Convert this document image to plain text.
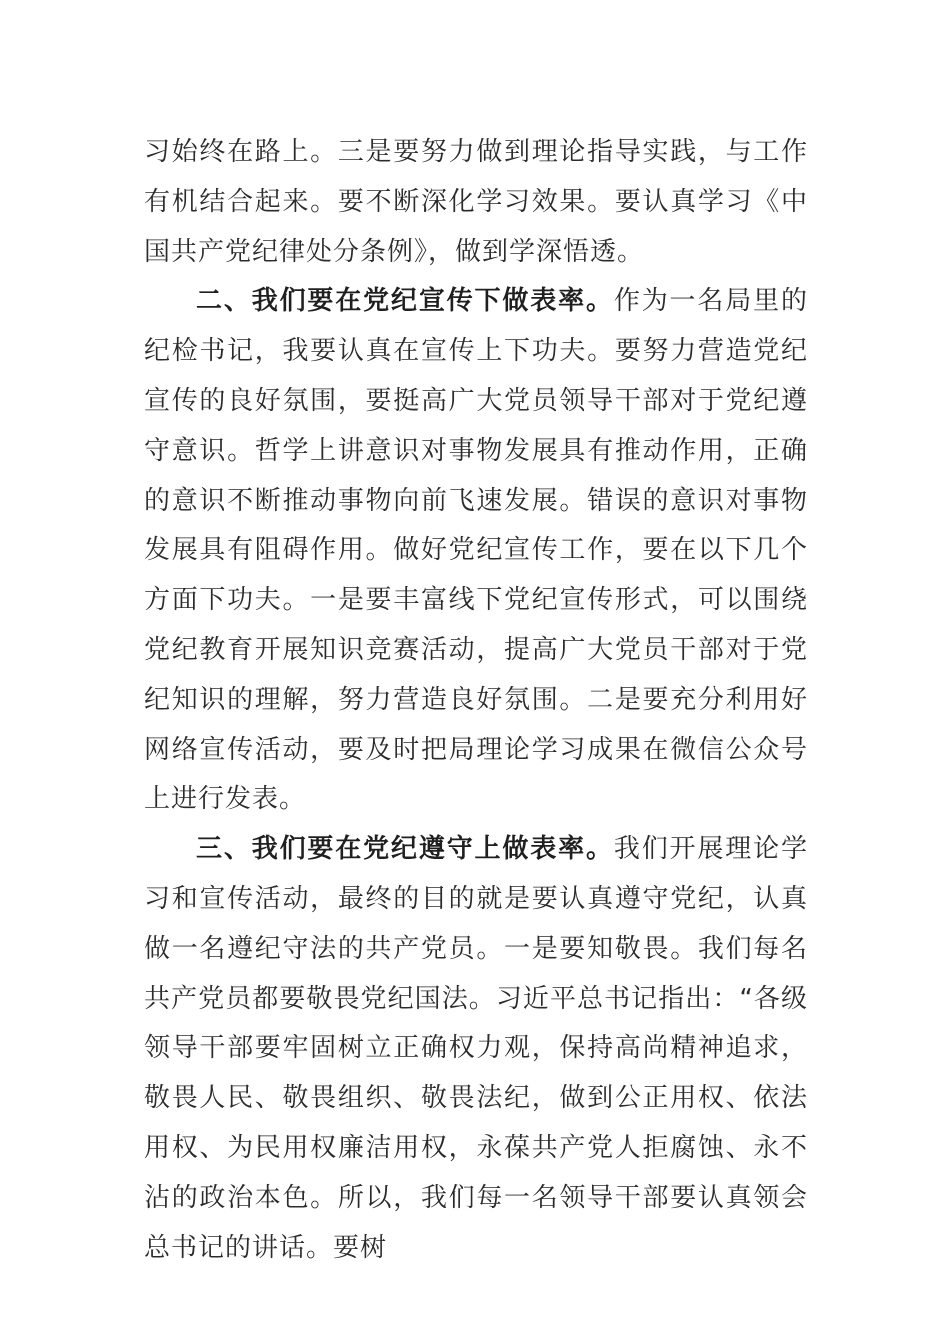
习始终在路上。三是要努力做到理论指导实践，与工作有机结合起来。要不断深化学习效果。要认真学习《中国共产党纪律处分条例》，做到学深悟透。

二、我们要在党纪宣传下做表率。作为一名局里的纪检书记，我要认真在宣传上下功夫。要努力营造党纪宣传的良好氛围，要挺高广大党员领导干部对于党纪遵守意识。哲学上讲意识对事物发展具有推动作用，正确的意识不断推动事物向前飞速发展。错误的意识对事物发展具有阻碍作用。做好党纪宣传工作，要在以下几个方面下功夫。一是要丰富线下党纪宣传形式，可以围绕党纪教育开展知识竞赛活动，提高广大党员干部对于党纪知识的理解，努力营造良好氛围。二是要充分利用好网络宣传活动，要及时把局理论学习成果在微信公众号上进行发表。

三、我们要在党纪遵守上做表率。我们开展理论学习和宣传活动，最终的目的就是要认真遵守党纪，认真做一名遵纪守法的共产党员。一是要知敬畏。我们每名共产党员都要敬畏党纪国法。习近平总书记指出：“各级领导干部要牢固树立正确权力观，保持高尚精神追求，敬畏人民、敬畏组织、敬畏法纪，做到公正用权、依法用权、为民用权廉洁用权，永葆共产党人拒腐蚀、永不沾的政治本色。所以，我们每一名领导干部要认真领会总书记的讲话。要树
